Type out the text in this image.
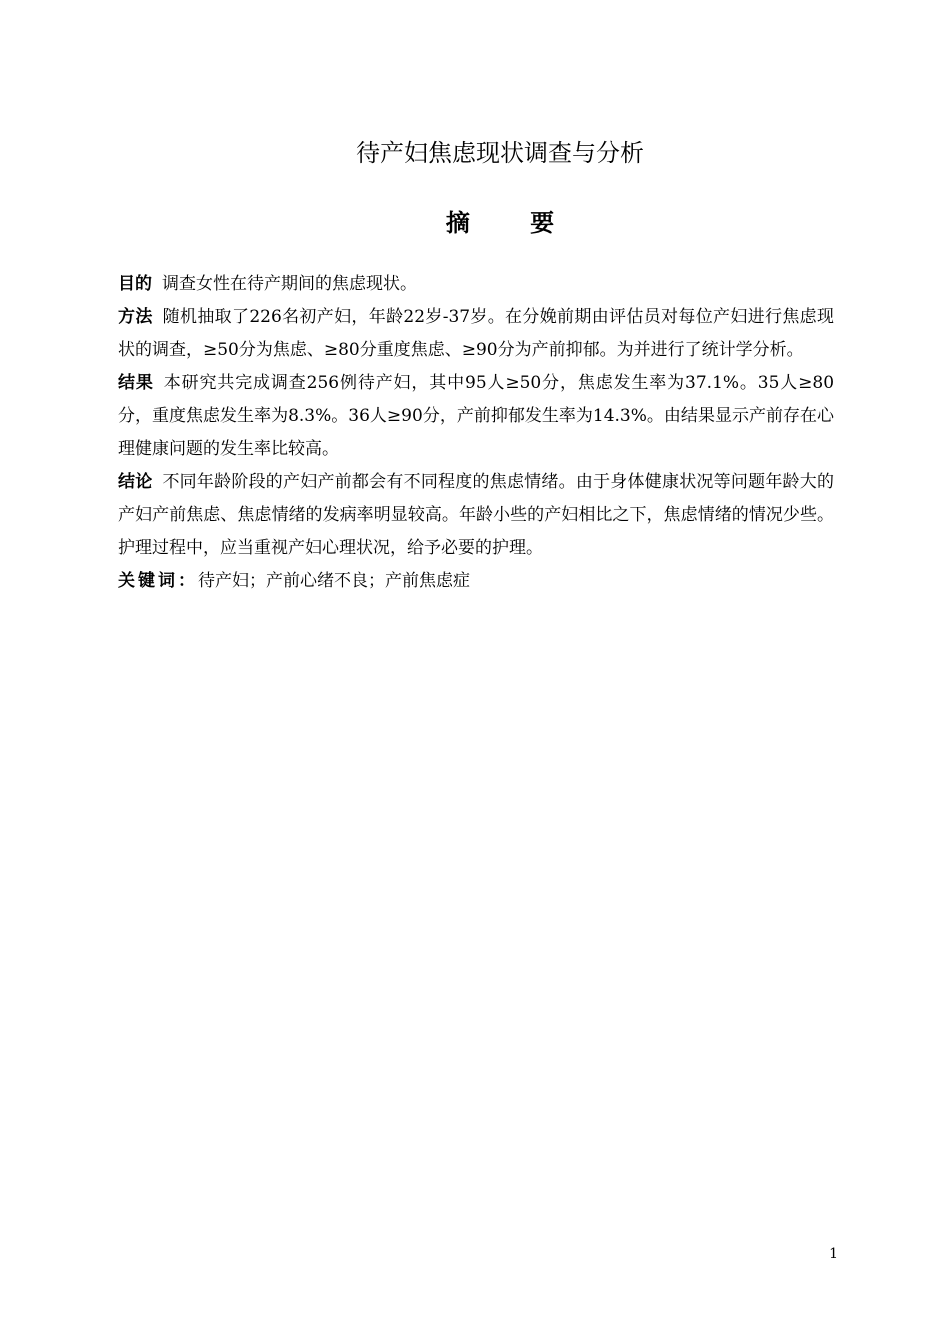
待产妇焦虑现状调查与分析
摘 要

目的 调查女性在待产期间的焦虑现状。

方法 随机抽取了226名初产妇，年龄22岁-37岁。在分娩前期由评估员对每位产妇进行焦虑现状的调查，≥50分为焦虑、≥80分重度焦虑、≥90分为产前抑郁。为并进行了统计学分析。

结果 本研究共完成调查256例待产妇，其中95人≥50分，焦虑发生率为37.1%。35人≥80分，重度焦虑发生率为8.3%。36人≥90分，产前抑郁发生率为14.3%。由结果显示产前存在心理健康问题的发生率比较高。

结论 不同年龄阶段的产妇产前都会有不同程度的焦虑情绪。由于身体健康状况等问题年龄大的产妇产前焦虑、焦虑情绪的发病率明显较高。年龄小些的产妇相比之下，焦虑情绪的情况少些。护理过程中，应当重视产妇心理状况，给予必要的护理。

关键词：待产妇；产前心绪不良；产前焦虑症

1
